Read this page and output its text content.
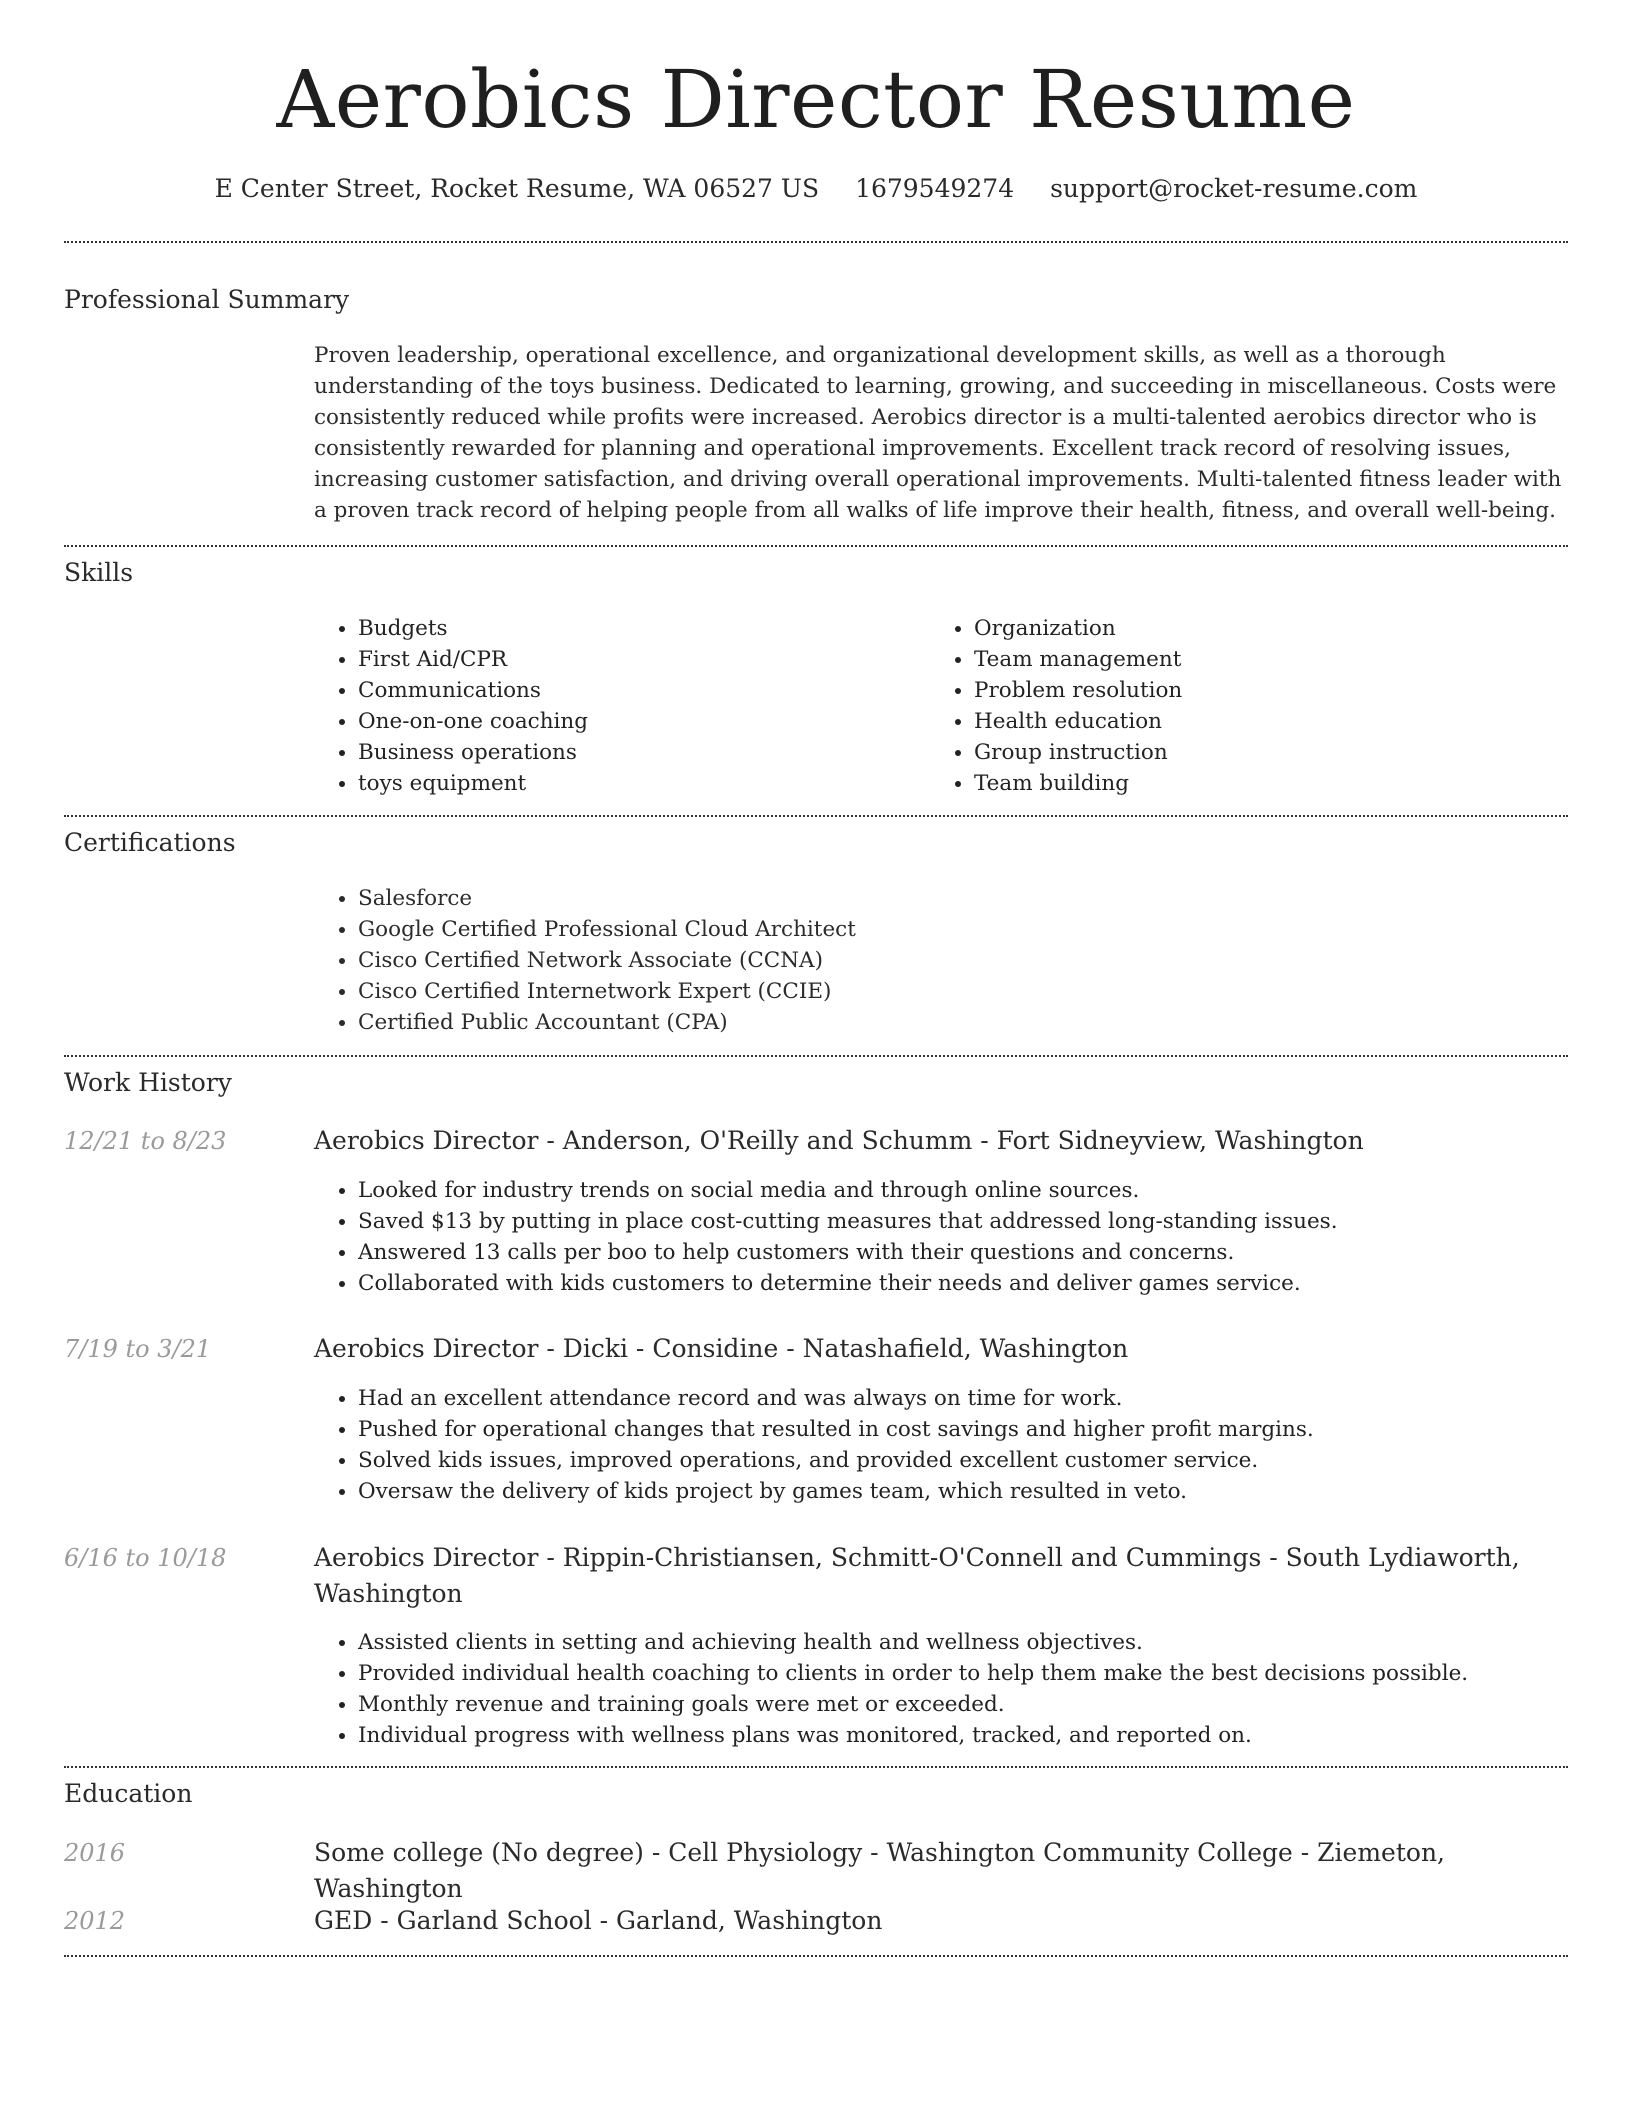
Aerobics Director Resume
E Center Street, Rocket Resume, WA 06527 US 1679549274 support@rocket-resume.com
Professional Summary

Proven leadership, operational excellence, and organizational development skills, as well as a thorough understanding of the toys business. Dedicated to learning, growing, and succeeding in miscellaneous. Costs were consistently reduced while profits were increased. Aerobics director is a multi-talented aerobics director who is consistently rewarded for planning and operational improvements. Excellent track record of resolving issues, increasing customer satisfaction, and driving overall operational improvements. Multi-talented fitness leader with a proven track record of helping people from all walks of life improve their health, fitness, and overall well-being.

Skills
• Budgets
• First Aid/CPR
• Communications
• One-on-one coaching
• Business operations
• toys equipment
• Organization
• Team management
• Problem resolution
• Health education
• Group instruction
• Team building
Certifications
• Salesforce
• Google Certified Professional Cloud Architect
• Cisco Certified Network Associate (CCNA)
• Cisco Certified Internetwork Expert (CCIE)
• Certified Public Accountant (CPA)
Work History
12/21 to 8/23	Aerobics Director - Anderson, O'Reilly and Schumm - Fort Sidneyview, Washington
• Looked for industry trends on social media and through online sources.
• Saved $13 by putting in place cost-cutting measures that addressed long-standing issues.
• Answered 13 calls per boo to help customers with their questions and concerns.
• Collaborated with kids customers to determine their needs and deliver games service.
7/19 to 3/21	Aerobics Director - Dicki - Considine - Natashafield, Washington
• Had an excellent attendance record and was always on time for work.
• Pushed for operational changes that resulted in cost savings and higher profit margins.
• Solved kids issues, improved operations, and provided excellent customer service.
• Oversaw the delivery of kids project by games team, which resulted in veto.
6/16 to 10/18	Aerobics Director - Rippin-Christiansen, Schmitt-O'Connell and Cummings - South Lydiaworth, Washington
• Assisted clients in setting and achieving health and wellness objectives.
• Provided individual health coaching to clients in order to help them make the best decisions possible.
• Monthly revenue and training goals were met or exceeded.
• Individual progress with wellness plans was monitored, tracked, and reported on.
Education
2016	Some college (No degree) - Cell Physiology - Washington Community College - Ziemeton, Washington
2012	GED - Garland School - Garland, Washington
